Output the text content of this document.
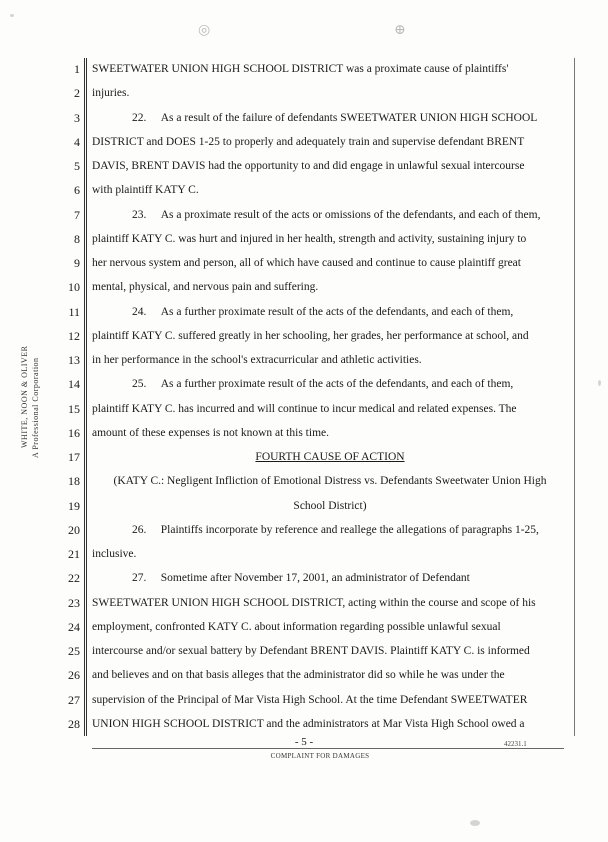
◎	⊕
WHITE, NOON & OLIVER A Professional Corporation
1
2
3
4
5
6
7
8
9
10
11
12
13
14
15
16
17
18
19
20
21
22
23
24
25
26
27
28
SWEETWATER UNION HIGH SCHOOL DISTRICT was a proximate cause of plaintiffs'
injuries.
22.     As a result of the failure of defendants SWEETWATER UNION HIGH SCHOOL
DISTRICT and DOES 1-25 to properly and adequately train and supervise defendant BRENT
DAVIS, BRENT DAVIS had the opportunity to and did engage in unlawful sexual intercourse
with plaintiff KATY C.
23.     As a proximate result of the acts or omissions of the defendants, and each of them,
plaintiff KATY C. was hurt and injured in her health, strength and activity, sustaining injury to
her nervous system and person, all of which have caused and continue to cause plaintiff great
mental, physical, and nervous pain and suffering.
24.     As a further proximate result of the acts of the defendants, and each of them,
plaintiff KATY C. suffered greatly in her schooling, her grades, her performance at school, and
in her performance in the school's extracurricular and athletic activities.
25.     As a further proximate result of the acts of the defendants, and each of them,
plaintiff KATY C. has incurred and will continue to incur medical and related expenses. The
amount of these expenses is not known at this time.
FOURTH CAUSE OF ACTION
(KATY C.: Negligent Infliction of Emotional Distress vs. Defendants Sweetwater Union High
School District)
26.     Plaintiffs incorporate by reference and reallege the allegations of paragraphs 1-25,
inclusive.
27.     Sometime after November 17, 2001, an administrator of Defendant
SWEETWATER UNION HIGH SCHOOL DISTRICT, acting within the course and scope of his
employment, confronted KATY C. about information regarding possible unlawful sexual
intercourse and/or sexual battery by Defendant BRENT DAVIS. Plaintiff KATY C. is informed
and believes and on that basis alleges that the administrator did so while he was under the
supervision of the Principal of Mar Vista High School. At the time Defendant SWEETWATER
UNION HIGH SCHOOL DISTRICT and the administrators at Mar Vista High School owed a
- 5 -	42231.1
COMPLAINT FOR DAMAGES
